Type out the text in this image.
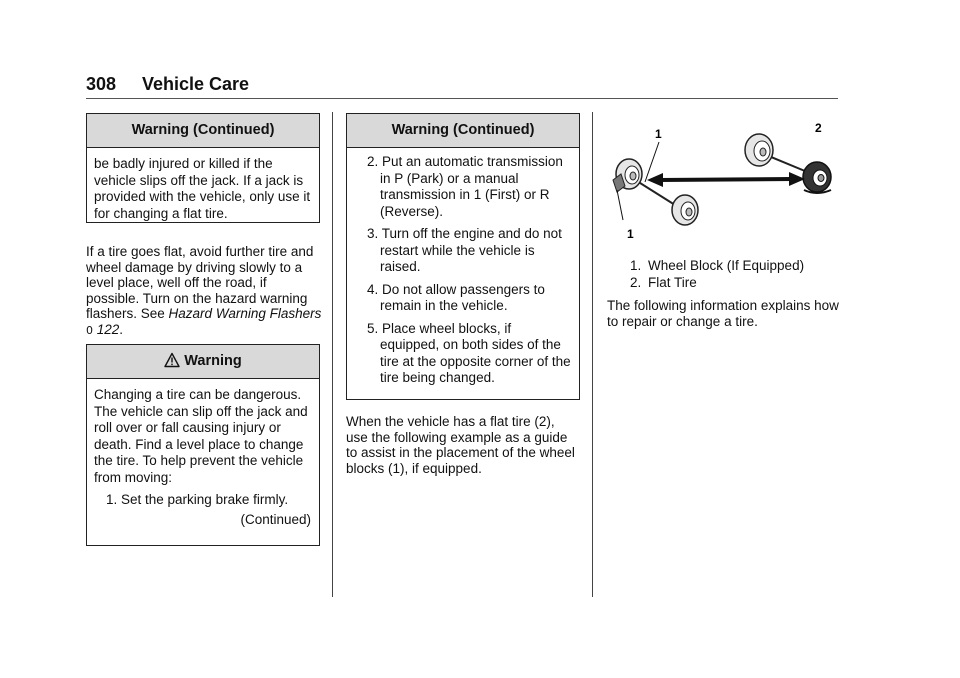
308 Vehicle Care
Warning (Continued)
be badly injured or killed if the vehicle slips off the jack. If a jack is provided with the vehicle, only use it for changing a flat tire.
If a tire goes flat, avoid further tire and wheel damage by driving slowly to a level place, well off the road, if possible. Turn on the hazard warning flashers. See Hazard Warning Flashers 0 122.
Warning
Changing a tire can be dangerous. The vehicle can slip off the jack and roll over or fall causing injury or death. Find a level place to change the tire. To help prevent the vehicle from moving:
1. Set the parking brake firmly.
(Continued)
Warning (Continued)
2. Put an automatic transmission in P (Park) or a manual transmission in 1 (First) or R (Reverse).
3. Turn off the engine and do not restart while the vehicle is raised.
4. Do not allow passengers to remain in the vehicle.
5. Place wheel blocks, if equipped, on both sides of the tire at the opposite corner of the tire being changed.
When the vehicle has a flat tire (2), use the following example as a guide to assist in the placement of the wheel blocks (1), if equipped.
1	2
1
1. Wheel Block (If Equipped)
2. Flat Tire
The following information explains how to repair or change a tire.
